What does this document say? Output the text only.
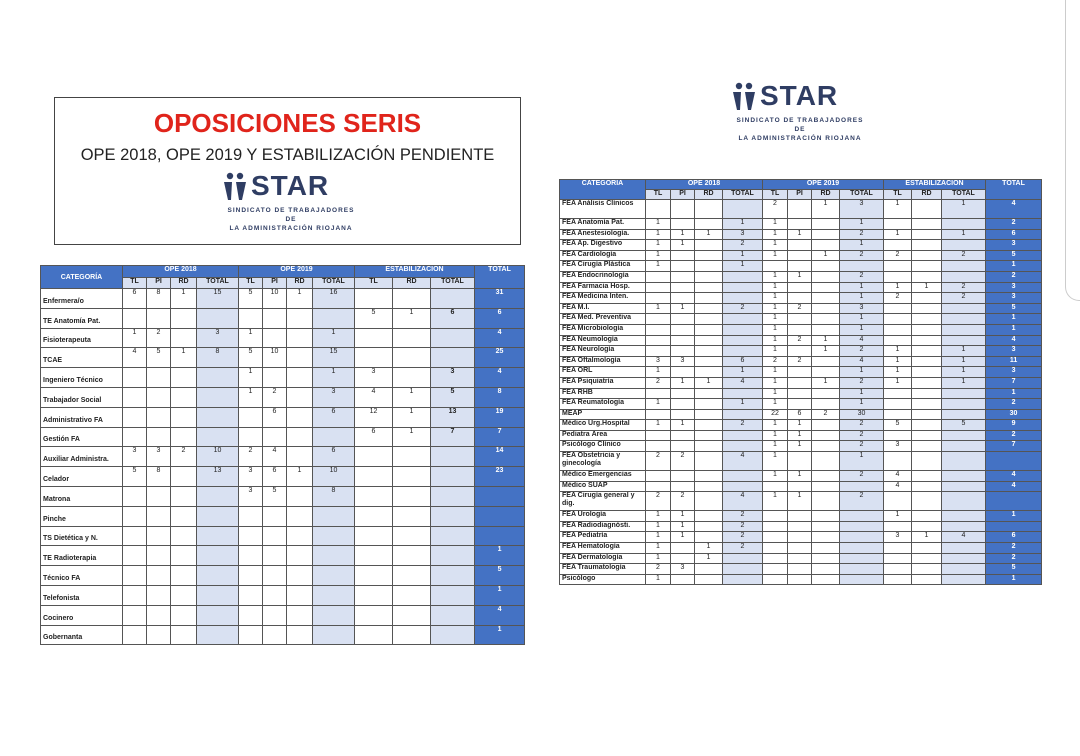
OPOSICIONES SERIS
OPE 2018, OPE 2019 Y ESTABILIZACIÓN PENDIENTE
STAR
SINDICATO DE TRABAJADORES DE
LA ADMINISTRACIÓN RIOJANA
STAR
SINDICATO DE TRABAJADORES DE
LA ADMINISTRACIÓN RIOJANA
CATEGORÍA	OPE 2018				OPE 2019				ESTABILIZACIÓN			TOTAL
	TL	PI	RD	TOTAL	TL	PI	RD	TOTAL	TL	RD	TOTAL	
Enfermera/o	6	8	1	15	5	10	1	16				31
TE Anatomía Pat.									5	1	6	6
Fisioterapeuta	1	2		3	1			1				4
TCAE	4	5	1	8	5	10		15				25
Ingeniero Técnico					1			1	3		3	4
Trabajador Social					1	2		3	4	1	5	8
Administrativo FA						6		6	12	1	13	19
Gestión FA									6	1	7	7
Auxiliar Administra.	3	3	2	10	2	4		6				14
Celador	5	8		13	3	6	1	10				23
Matrona					3	5		8				
Pinche												
TS Dietética y N.												
TE Radioterapia												1
Técnico FA												5
Telefonista												1
Cocinero												4
Gobernanta												1
CATEGORÍA	OPE 2018				OPE 2019				ESTABILIZACIÓN			TOTAL
	TL	PI	RD	TOTAL	TL	PI	RD	TOTAL	TL	RD	TOTAL	
FEA Análisis Clínicos					2		1	3	1		1	4
FEA Anatomía Pat.	1			1	1			1				2
FEA Anestesiología.	1	1	1	3	1	1		2	1		1	6
FEA Ap. Digestivo	1	1		2	1			1				3
FEA Cardiología	1			1	1		1	2	2		2	5
FEA Cirugía Plástica	1			1								1
FEA Endocrinología					1	1		2				2
FEA Farmacia Hosp.					1			1	1	1	2	3
FEA Medicina Inten.					1			1	2		2	3
FEA M.I.	1	1		2	1	2		3				5
FEA Med. Preventiva					1			1				1
FEA Microbiología					1			1				1
FEA Neumología					1	2	1	4				4
FEA Neurología					1		1	2	1		1	3
FEA Oftalmología	3	3		6	2	2		4	1		1	11
FEA ORL	1			1	1			1	1		1	3
FEA Psiquiatría	2	1	1	4	1		1	2	1		1	7
FEA RHB					1			1				1
FEA Reumatología	1			1	1			1				2
MEAP					22	6	2	30				30
Médico Urg.Hospital	1	1		2	1	1		2	5		5	9
Pediatra Área					1	1		2				2
Psicólogo Clínico					1	1		2	3			7
FEA Obstetricia y ginecología	2	2		4	1			1				
Médico Emergencias					1	1		2	4			4
Médico SUAP									4			4
FEA Cirugía general y dig.	2	2		4	1	1		2				
FEA Urología	1	1		2					1			1
FEA Radiodiagnósti.	1	1		2								
FEA Pediatría	1	1		2					3	1	4	6
FEA Hematología	1		1	2								2
FEA Dermatología	1		1									2
FEA Traumatología	2	3										5
Psicólogo	1											1
